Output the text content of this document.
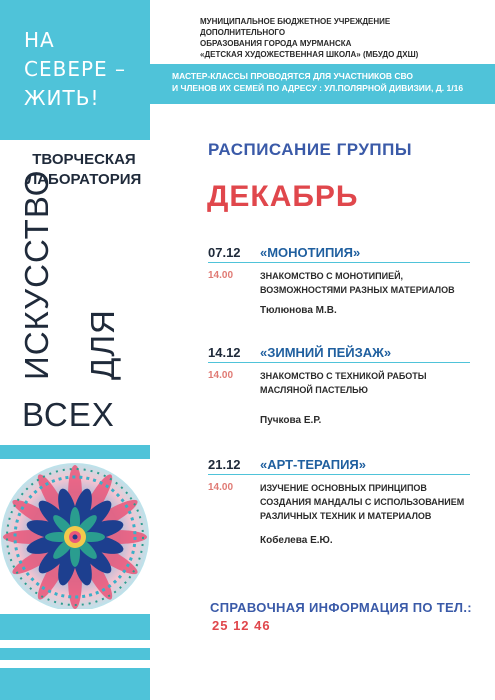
НА
СЕВЕРЕ –
ЖИТЬ!
ТВОРЧЕСКАЯ
ЛАБОРАТОРИЯ
ИСКУССТВО ДЛЯ
ВСЕХ
МУНИЦИПАЛЬНОЕ БЮДЖЕТНОЕ УЧРЕЖДЕНИЕ ДОПОЛНИТЕЛЬНОГО
ОБРАЗОВАНИЯ ГОРОДА МУРМАНСКА
«ДЕТСКАЯ ХУДОЖЕСТВЕННАЯ ШКОЛА» (МБУДО ДХШ)
МАСТЕР-КЛАССЫ ПРОВОДЯТСЯ ДЛЯ УЧАСТНИКОВ СВО
И ЧЛЕНОВ ИХ СЕМЕЙ ПО АДРЕСУ : УЛ.ПОЛЯРНОЙ ДИВИЗИИ, Д. 1/16
РАСПИСАНИЕ ГРУППЫ
ДЕКАБРЬ
07.12 «МОНОТИПИЯ»
14.00	ЗНАКОМСТВО С МОНОТИПИЕЙ, ВОЗМОЖНОСТЯМИ РАЗНЫХ МАТЕРИАЛОВ
Тюлюнова М.В.
14.12 «ЗИМНИЙ ПЕЙЗАЖ»
14.00	ЗНАКОМСТВО С ТЕХНИКОЙ РАБОТЫ МАСЛЯНОЙ ПАСТЕЛЬЮ
Пучкова Е.Р.
21.12 «АРТ-ТЕРАПИЯ»
14.00	ИЗУЧЕНИЕ ОСНОВНЫХ ПРИНЦИПОВ СОЗДАНИЯ МАНДАЛЫ С ИСПОЛЬЗОВАНИЕМ РАЗЛИЧНЫХ ТЕХНИК И МАТЕРИАЛОВ
Кобелева Е.Ю.
СПРАВОЧНАЯ ИНФОРМАЦИЯ ПО ТЕЛ.:
25 12 46
